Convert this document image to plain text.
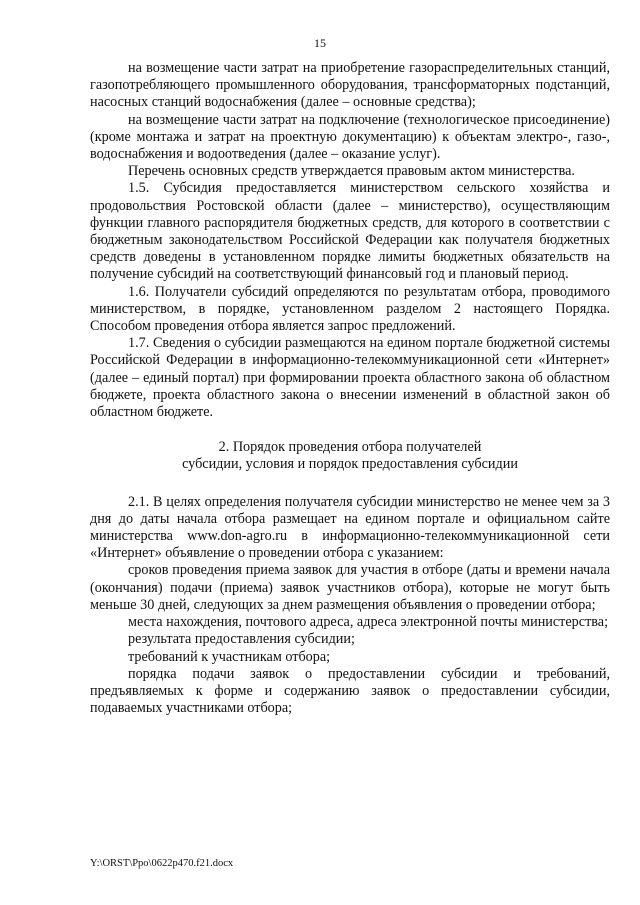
15

на возмещение части затрат на приобретение газораспределительных станций, газопотребляющего промышленного оборудования, трансформаторных подстанций, насосных станций водоснабжения (далее – основные средства);

на возмещение части затрат на подключение (технологическое присоединение) (кроме монтажа и затрат на проектную документацию) к объектам электро-, газо-, водоснабжения и водоотведения (далее – оказание услуг).

Перечень основных средств утверждается правовым актом министерства.

1.5. Субсидия предоставляется министерством сельского хозяйства и продовольствия Ростовской области (далее – министерство), осуществляющим функции главного распорядителя бюджетных средств, для которого в соответствии с бюджетным законодательством Российской Федерации как получателя бюджетных средств доведены в установленном порядке лимиты бюджетных обязательств на получение субсидий на соответствующий финансовый год и плановый период.

1.6. Получатели субсидий определяются по результатам отбора, проводимого министерством, в порядке, установленном разделом 2 настоящего Порядка. Способом проведения отбора является запрос предложений.

1.7. Сведения о субсидии размещаются на едином портале бюджетной системы Российской Федерации в информационно-телекоммуникационной сети «Интернет» (далее – единый портал) при формировании проекта областного закона об областном бюджете, проекта областного закона о внесении изменений в областной закон об областном бюджете.

2. Порядок проведения отбора получателей
субсидии, условия и порядок предоставления субсидии

2.1. В целях определения получателя субсидии министерство не менее чем за 3 дня до даты начала отбора размещает на едином портале и официальном сайте министерства www.don-agro.ru в информационно-телекоммуникационной сети «Интернет» объявление о проведении отбора с указанием:

сроков проведения приема заявок для участия в отборе (даты и времени начала (окончания) подачи (приема) заявок участников отбора), которые не могут быть меньше 30 дней, следующих за днем размещения объявления о проведении отбора;

места нахождения, почтового адреса, адреса электронной почты министерства;

результата предоставления субсидии;

требований к участникам отбора;

порядка подачи заявок о предоставлении субсидии и требований, предъявляемых к форме и содержанию заявок о предоставлении субсидии, подаваемых участниками отбора;

Y:\ORST\Ppo\0622p470.f21.docx
